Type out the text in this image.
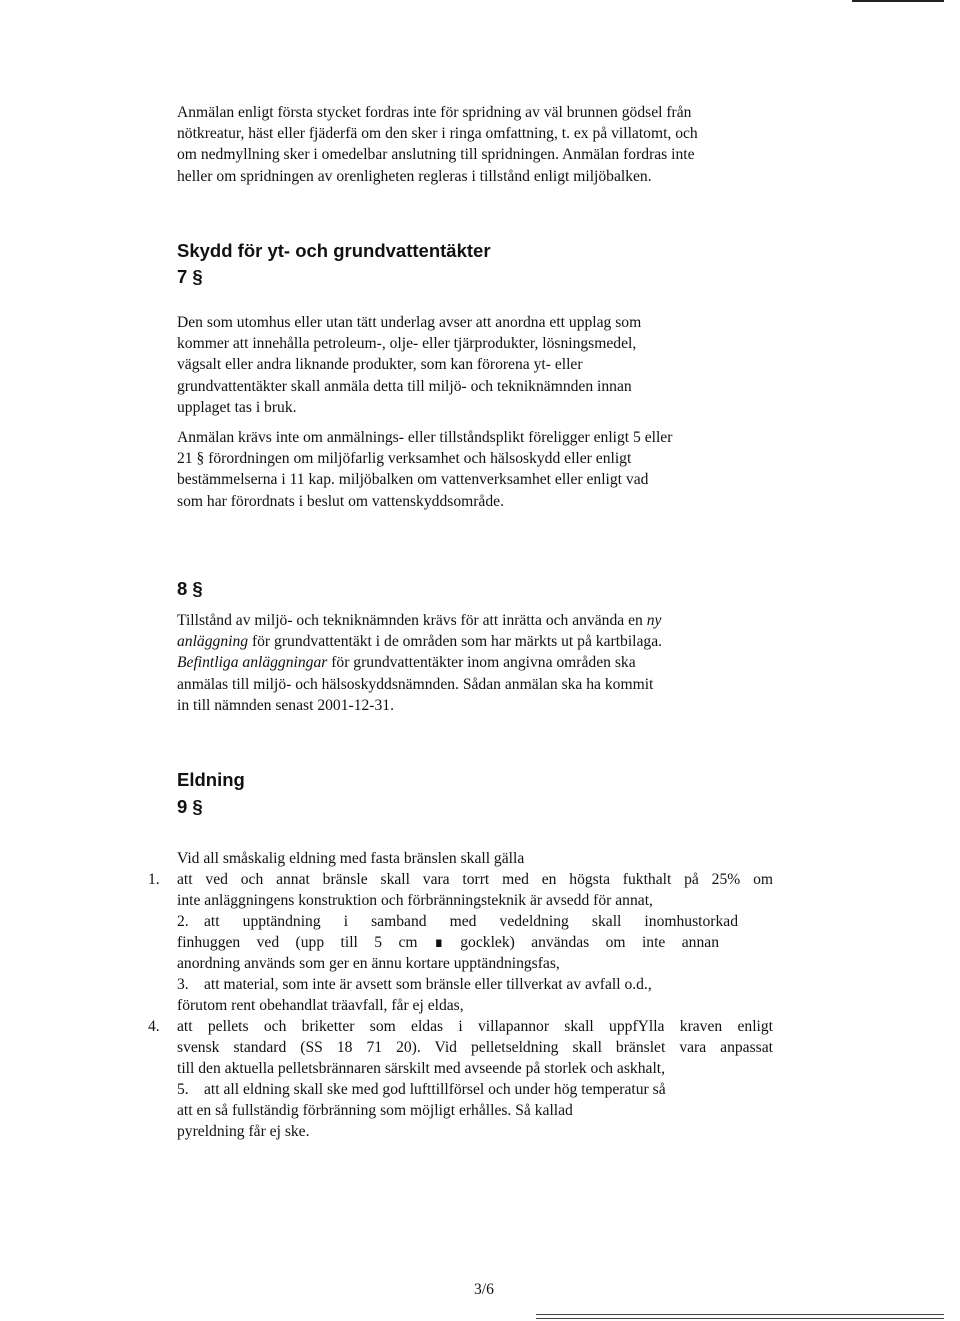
Anmälan enligt första stycket fordras inte för spridning av väl brunnen gödsel från
nötkreatur, häst eller fjäderfä om den sker i ringa omfattning, t. ex på villatomt, och
om nedmyllning sker i omedelbar anslutning till spridningen. Anmälan fordras inte
heller om spridningen av orenligheten regleras i tillstånd enligt miljöbalken.
Skydd för yt- och grundvattentäkter
7 §
Den som utomhus eller utan tätt underlag avser att anordna ett upplag som
kommer att innehålla petroleum-, olje- eller tjärprodukter, lösningsmedel,
vägsalt eller andra liknande produkter, som kan förorena yt- eller
grundvattentäkter skall anmäla detta till miljö- och tekniknämnden innan
upplaget tas i bruk.
Anmälan krävs inte om anmälnings- eller tillståndsplikt föreligger enligt 5 eller
21 § förordningen om miljöfarlig verksamhet och hälsoskydd eller enligt
bestämmelserna i 11 kap. miljöbalken om vattenverksamhet eller enligt vad
som har förordnats i beslut om vattenskyddsområde.
8 §
Tillstånd av miljö- och tekniknämnden krävs för att inrätta och använda en ny
anläggning för grundvattentäkt i de områden som har märkts ut på kartbilaga.
Befintliga anläggningar för grundvattentäkter inom angivna områden ska
anmälas till miljö- och hälsoskyddsnämnden. Sådan anmälan ska ha kommit
in till nämnden senast 2001-12-31.
Eldning
9 §
Vid all småskalig eldning med fasta bränslen skall gälla
1. att ved och annat bränsle skall vara torrt med en högsta fukthalt på 25% om
inte anläggningens konstruktion och förbränningsteknik är avsedd för annat,
2. att upptändning i samband med vedeldning skall inomhustorkad
finhuggen ved (upp till 5 cm ∎ gocklek) användas om inte annan
anordning används som ger en ännu kortare upptändningsfas,
3. att material, som inte är avsett som bränsle eller tillverkat av avfall o.d.,
förutom rent obehandlat träavfall, får ej eldas,
4. att pellets och briketter som eldas i villapannor skall uppfYlla kraven enligt
svensk standard (SS 18 71 20). Vid pelletseldning skall bränslet vara anpassat
till den aktuella pelletsbrännaren särskilt med avseende på storlek och askhalt,
5. att all eldning skall ske med god lufttillförsel och under hög temperatur så
att en så fullständig förbränning som möjligt erhålles. Så kallad
pyreldning får ej ske.
3/6
